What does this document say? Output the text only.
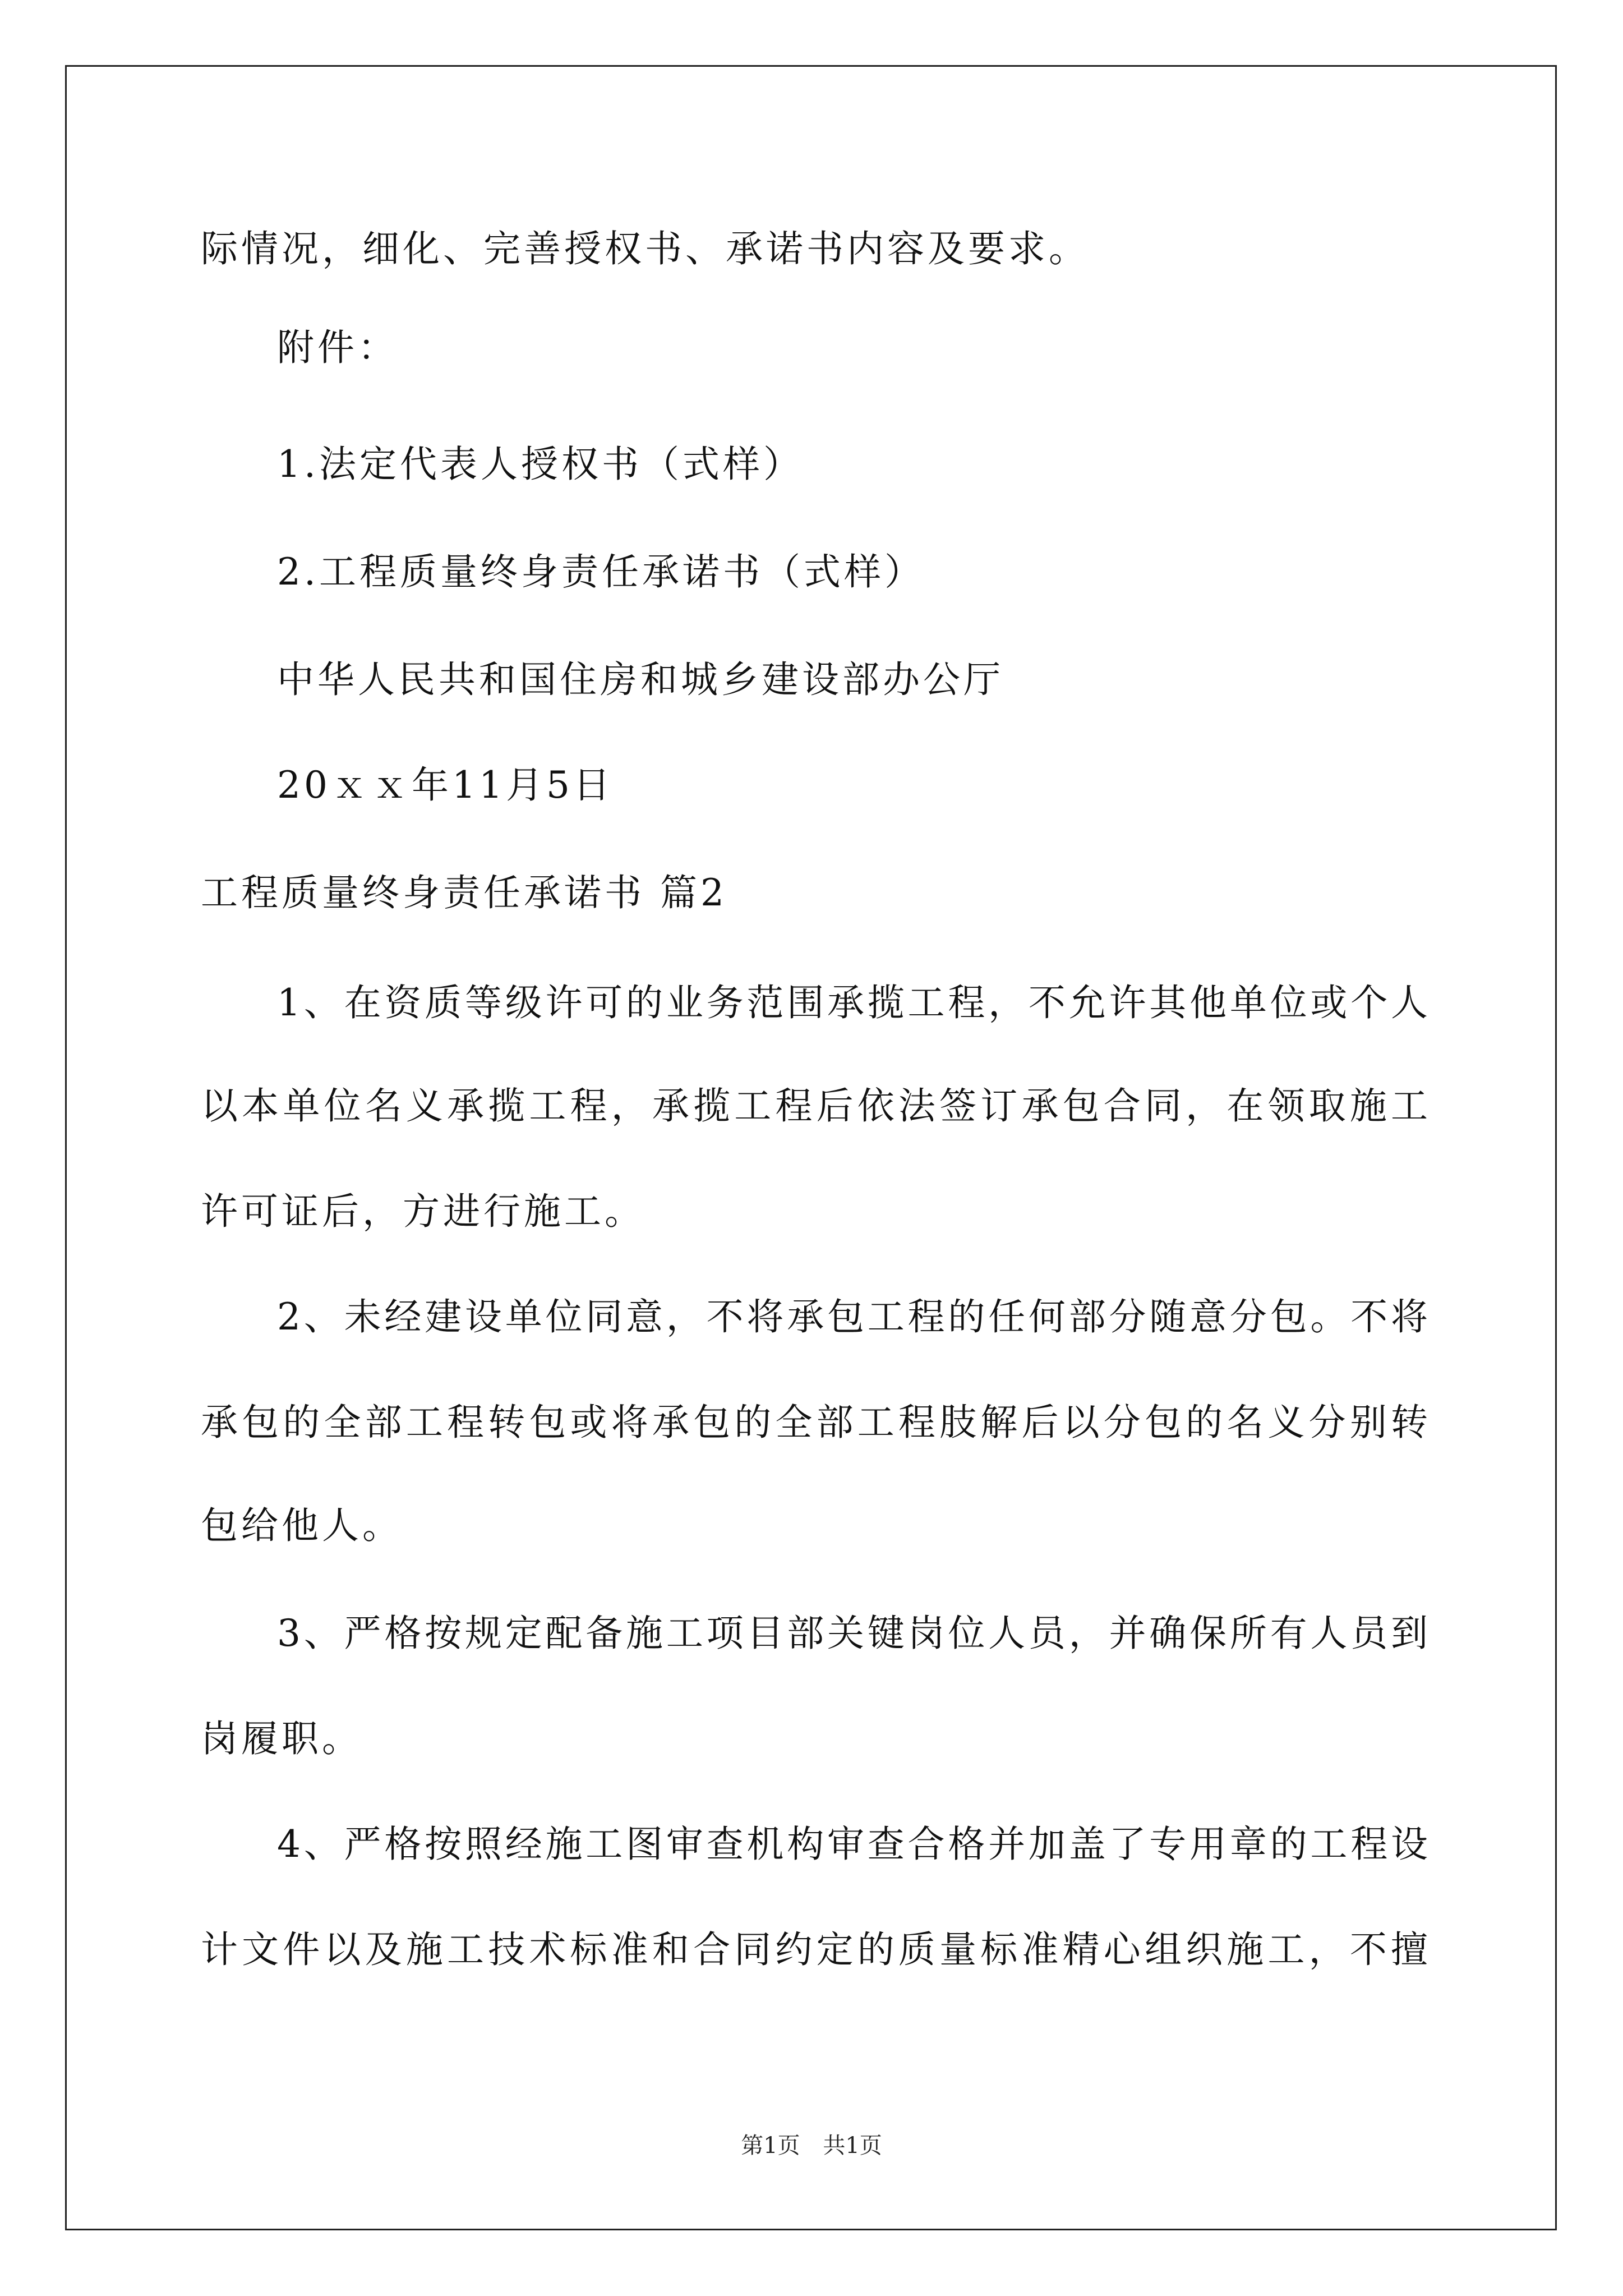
际情况，细化、完善授权书、承诺书内容及要求。
附件：
1.法定代表人授权书（式样）
2.工程质量终身责任承诺书（式样）
中华人民共和国住房和城乡建设部办公厅
20ｘｘ年11月5日
工程质量终身责任承诺书 篇2
1、在资质等级许可的业务范围承揽工程，不允许其他单位或个人
以本单位名义承揽工程，承揽工程后依法签订承包合同，在领取施工
许可证后，方进行施工。
2、未经建设单位同意，不将承包工程的任何部分随意分包。不将
承包的全部工程转包或将承包的全部工程肢解后以分包的名义分别转
包给他人。
3、严格按规定配备施工项目部关键岗位人员，并确保所有人员到
岗履职。
4、严格按照经施工图审查机构审查合格并加盖了专用章的工程设
计文件以及施工技术标准和合同约定的质量标准精心组织施工，不擅
第1页 共1页
